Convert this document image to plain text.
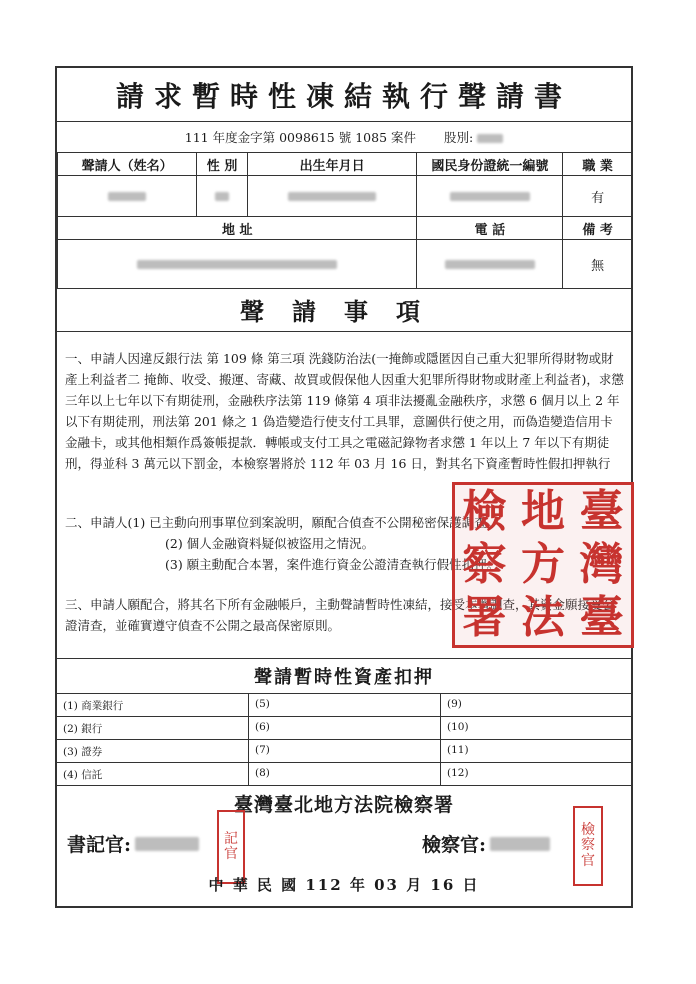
請求暫時性凍結執行聲請書
111 年度金字第 0098615 號 1085 案件 股別:
聲請人（姓名）	性 別	出生年月日	國民身份證統一編號	職 業
				有
地 址			電 話	備 考
				無
聲請事項
一、申請人因違反銀行法 第 109 條 第三項 洗錢防治法(一掩飾或隱匿因自己重大犯罪所得財物或財產上利益者二 掩飾、收受、搬運、寄藏、故買或假保他人因重大犯罪所得財物或財產上利益者)，求懲三年以上七年以下有期徒刑，金融秩序法第 119 條第 4 項非法擾亂金融秩序，求懲 6 個月以上 2 年以下有期徒刑，刑法第 201 條之 1 偽造變造行使支付工具罪，意圖供行使之用，而偽造變造信用卡金融卡，或其他相類作爲簽帳提款．轉帳或支付工具之電磁記錄物者求懲 1 年以上 7 年以下有期徒刑，得並科 3 萬元以下罰金，本檢察署將於 112 年 03 月 16 日，對其名下資產暫時性假扣押執行
二、申請人(1) 已主動向刑事單位到案說明，願配合偵查不公開秘密保護調查。
(2) 個人金融資料疑似被盜用之情況。
(3) 願主動配合本署，案件進行資金公證清查執行假性扣押。
三、申請人願配合，將其名下所有金融帳戶，主動聲請暫時性凍結，接受本署調查，其資金願接受公證清查，並確實遵守偵查不公開之最高保密原則。
檢 地 臺
察 方 灣
署 法 臺
聲請暫時性資產扣押
(1) 商業銀行	(5)	(9)
(2) 銀行	(6)	(10)
(3) 證券	(7)	(11)
(4) 信託	(8)	(12)
臺灣臺北地方法院檢察署
書記官:	記
官	檢察官:
檢
察
官
中 華 民 國 112 年 03 月 16 日
